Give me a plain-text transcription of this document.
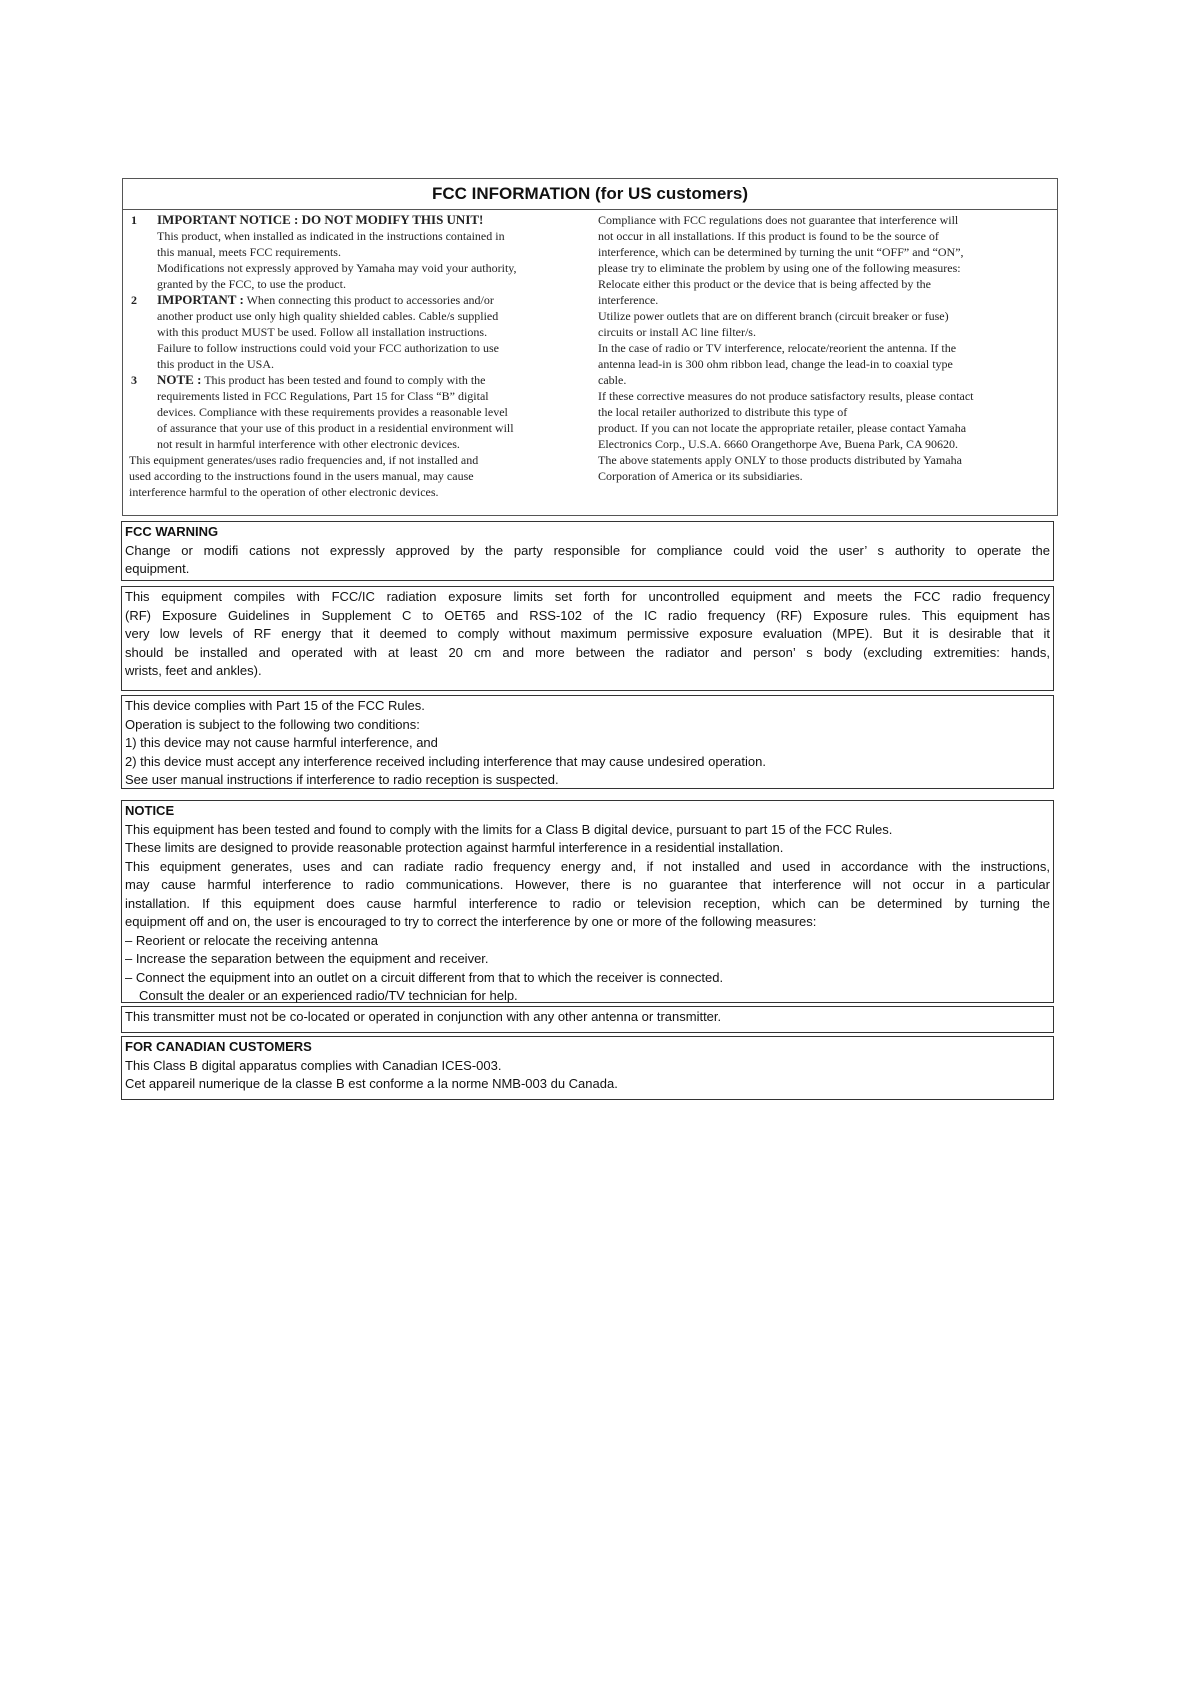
FCC INFORMATION (for US customers)
1 IMPORTANT NOTICE : DO NOT MODIFY THIS UNIT!
This product, when installed as indicated in the instructions contained in
this manual, meets FCC requirements.
Modifications not expressly approved by Yamaha may void your authority,
granted by the FCC, to use the product.
2 IMPORTANT : When connecting this product to accessories and/or
another product use only high quality shielded cables. Cable/s supplied
with this product MUST be used. Follow all installation instructions.
Failure to follow instructions could void your FCC authorization to use
this product in the USA.
3 NOTE : This product has been tested and found to comply with the
requirements listed in FCC Regulations, Part 15 for Class “B” digital
devices. Compliance with these requirements provides a reasonable level
of assurance that your use of this product in a residential environment will
not result in harmful interference with other electronic devices.
This equipment generates/uses radio frequencies and, if not installed and
used according to the instructions found in the users manual, may cause
interference harmful to the operation of other electronic devices.
Compliance with FCC regulations does not guarantee that interference will
not occur in all installations. If this product is found to be the source of
interference, which can be determined by turning the unit “OFF” and “ON”,
please try to eliminate the problem by using one of the following measures:
Relocate either this product or the device that is being affected by the
interference.
Utilize power outlets that are on different branch (circuit breaker or fuse)
circuits or install AC line filter/s.
In the case of radio or TV interference, relocate/reorient the antenna. If the
antenna lead-in is 300 ohm ribbon lead, change the lead-in to coaxial type
cable.
If these corrective measures do not produce satisfactory results, please contact
the local retailer authorized to distribute this type of
product. If you can not locate the appropriate retailer, please contact Yamaha
Electronics Corp., U.S.A. 6660 Orangethorpe Ave, Buena Park, CA 90620.
The above statements apply ONLY to those products distributed by Yamaha
Corporation of America or its subsidiaries.
FCC WARNING
Change or modifi cations not expressly approved by the party responsible for compliance could void the user’ s authority to operate the
equipment.
This equipment compiles with FCC/IC radiation exposure limits set forth for uncontrolled equipment and meets the FCC radio frequency
(RF) Exposure Guidelines in Supplement C to OET65 and RSS-102 of the IC radio frequency (RF) Exposure rules. This equipment has
very low levels of RF energy that it deemed to comply without maximum permissive exposure evaluation (MPE). But it is desirable that it
should be installed and operated with at least 20 cm and more between the radiator and person’ s body (excluding extremities: hands,
wrists, feet and ankles).
This device complies with Part 15 of the FCC Rules.
Operation is subject to the following two conditions:
1) this device may not cause harmful interference, and
2) this device must accept any interference received including interference that may cause undesired operation.
See user manual instructions if interference to radio reception is suspected.
NOTICE
This equipment has been tested and found to comply with the limits for a Class B digital device, pursuant to part 15 of the FCC Rules.
These limits are designed to provide reasonable protection against harmful interference in a residential installation.
This equipment generates, uses and can radiate radio frequency energy and, if not installed and used in accordance with the instructions,
may cause harmful interference to radio communications. However, there is no guarantee that interference will not occur in a particular
installation. If this equipment does cause harmful interference to radio or television reception, which can be determined by turning the
equipment off and on, the user is encouraged to try to correct the interference by one or more of the following measures:
– Reorient or relocate the receiving antenna
– Increase the separation between the equipment and receiver.
– Connect the equipment into an outlet on a circuit different from that to which the receiver is connected.
Consult the dealer or an experienced radio/TV technician for help.
This transmitter must not be co-located or operated in conjunction with any other antenna or transmitter.
FOR CANADIAN CUSTOMERS
This Class B digital apparatus complies with Canadian ICES-003.
Cet appareil numerique de la classe B est conforme a la norme NMB-003 du Canada.
